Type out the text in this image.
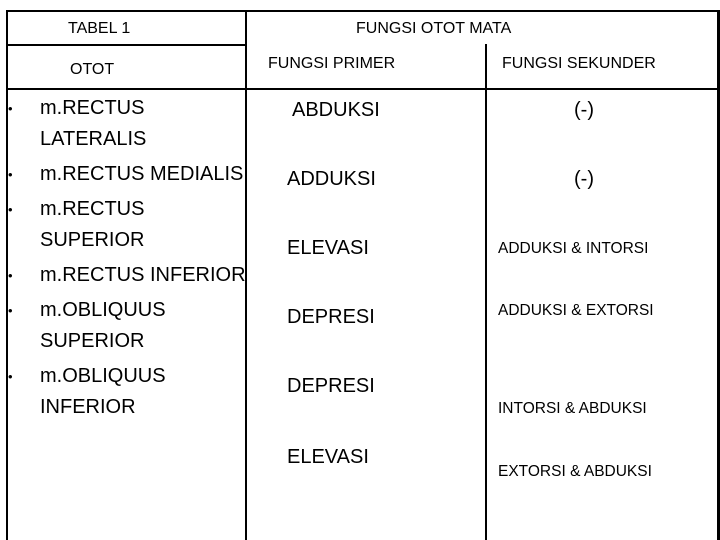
TABEL 1
OTOT
FUNGSI OTOT MATA
FUNGSI PRIMER	FUNGSI SEKUNDER
• m.RECTUS
LATERALIS
• m.RECTUS MEDIALIS
• m.RECTUS
SUPERIOR
• m.RECTUS INFERIOR
• m.OBLIQUUS
SUPERIOR
• m.OBLIQUUS
INFERIOR
ABDUKSI
ADDUKSI
ELEVASI
DEPRESI
DEPRESI
ELEVASI
(-)
(-)
ADDUKSI & INTORSI
ADDUKSI & EXTORSI
INTORSI & ABDUKSI
EXTORSI & ABDUKSI
